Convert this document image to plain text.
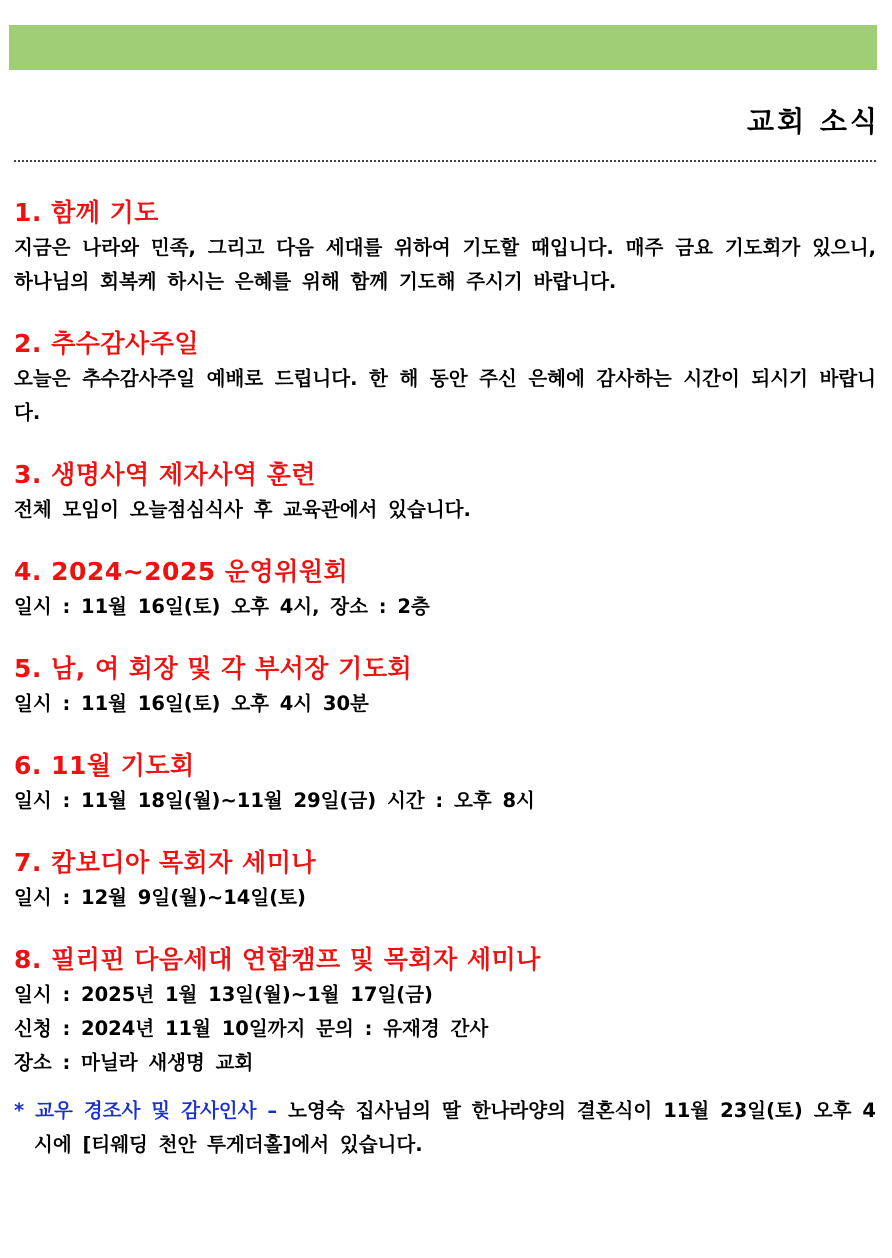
교회 소식
1. 함께 기도
지금은 나라와 민족, 그리고 다음 세대를 위하여 기도할 때입니다. 매주 금요 기도회가 있으니, 하나님의 회복케 하시는 은혜를 위해 함께 기도해 주시기 바랍니다.
2. 추수감사주일
오늘은 추수감사주일 예배로 드립니다. 한 해 동안 주신 은혜에 감사하는 시간이 되시기 바랍니다.
3. 생명사역 제자사역 훈련
전체 모임이 오늘점심식사 후 교육관에서 있습니다.
4. 2024~2025 운영위원회
일시 : 11월 16일(토) 오후 4시, 장소 : 2층
5. 남, 여 회장 및 각 부서장 기도회
일시 : 11월 16일(토) 오후 4시 30분
6. 11월 기도회
일시 : 11월 18일(월)~11월 29일(금) 시간 : 오후 8시
7. 캄보디아 목회자 세미나
일시 : 12월 9일(월)~14일(토)
8. 필리핀 다음세대 연합캠프 및 목회자 세미나
일시 : 2025년 1월 13일(월)~1월 17일(금)
신청 : 2024년 11월 10일까지 문의 : 유재경 간사
장소 : 마닐라 새생명 교회
* 교우 경조사 및 감사인사 – 노영숙 집사님의 딸 한나라양의 결혼식이 11월 23일(토) 오후 4시에 [티웨딩 천안 투게더홀]에서 있습니다.
